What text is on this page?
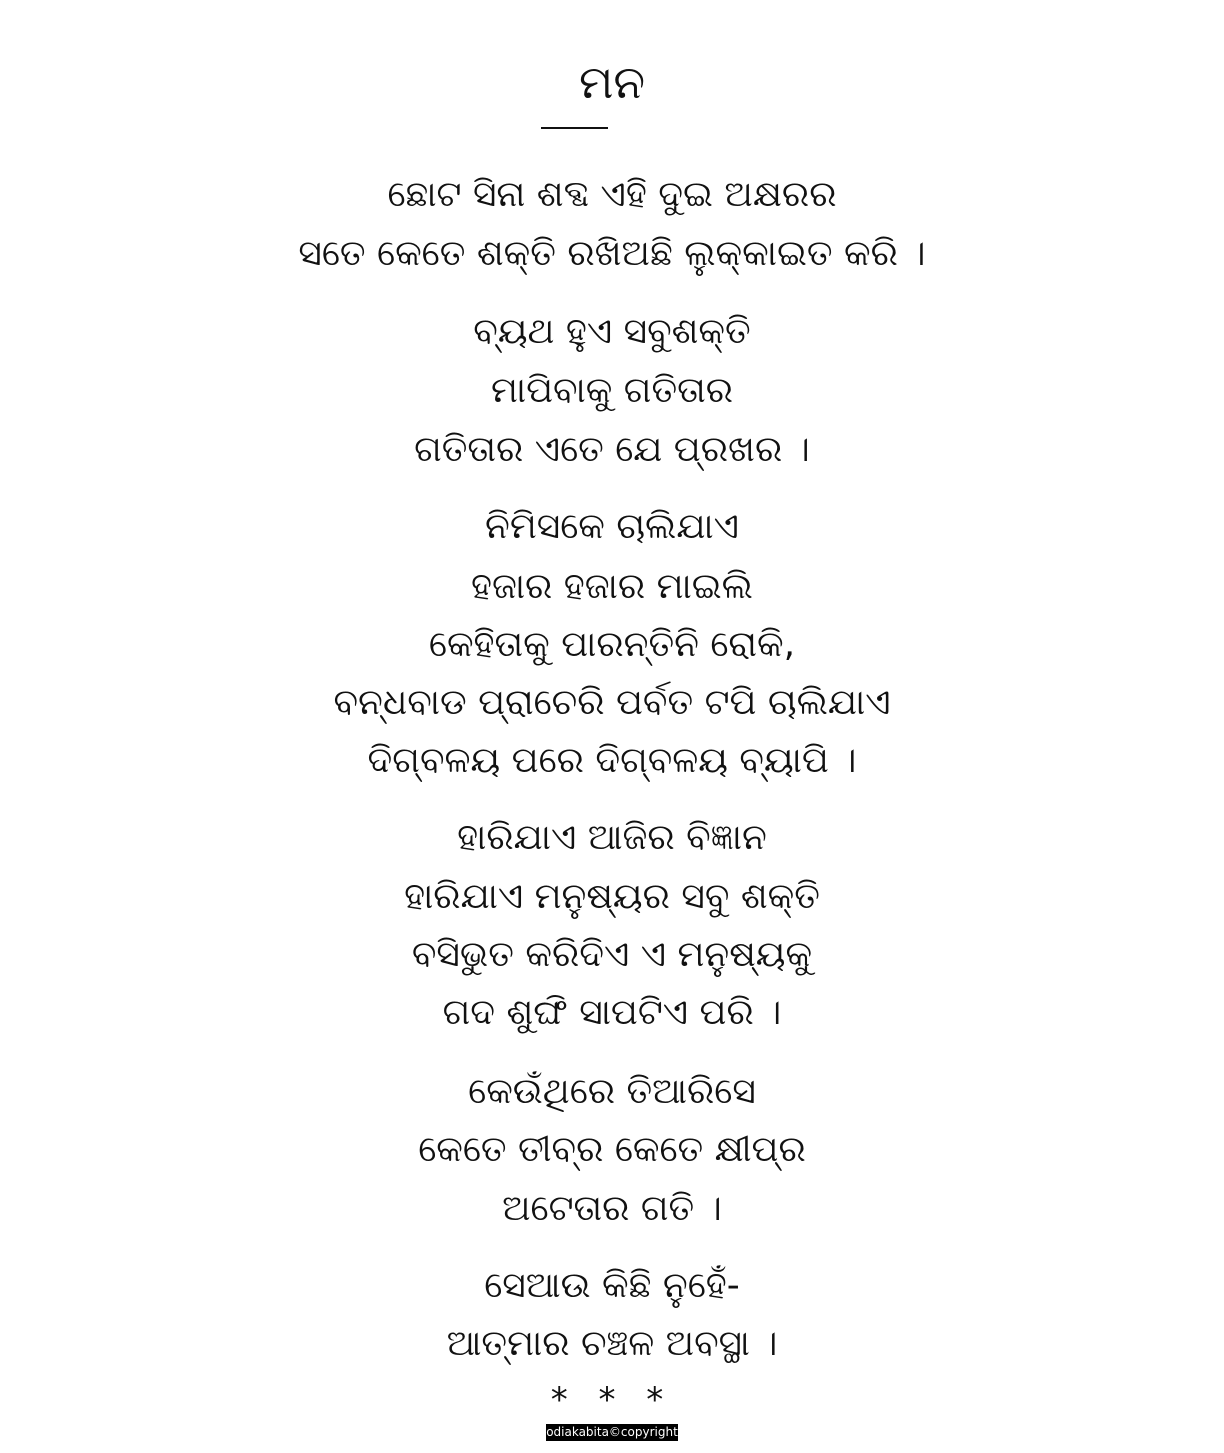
ମନ
ଛୋଟ ସିନା ଶବ୍ଦ ଏହି ଦୁଇ ଅକ୍ଷରର
ସତେ କେତେ ଶକ୍ତି ରଖିଅଛି ଲୁକ୍‌କାଇତ କରି ।
ବ୍ୟଥ ହୁଏ ସବୁଶକ୍ତି
ମାପିବାକୁ ଗତିତାର
ଗତିତାର ଏତେ ଯେ ପ୍ରଖର ।
ନିମିସକେ ଚାଲିଯାଏ
ହଜାର ହଜାର ମାଇଲି
କେହିତାକୁ ପାରନ୍ତିନି ରୋକି,
ବନ୍ଧବାଡ ପ୍ରାଚେରି ପର୍ବତ ଟପି ଚାଲିଯାଏ
ଦିଗ୍‌ବଳୟ ପରେ ଦିଗ୍‌ବଳୟ ବ୍ୟାପି ।
ହାରିଯାଏ ଆଜିର ବିଜ୍ଞାନ
ହାରିଯାଏ ମନୁଷ୍ୟର ସବୁ ଶକ୍ତି
ବସିଭୁତ କରିଦିଏ ଏ ମନୁଷ୍ୟକୁ
ଗଦ ଶୁଙ୍ଘି ସାପଟିଏ ପରି ।
କେଉଁଥିରେ ତିଆରିସେ
କେତେ ତୀବ୍ର କେତେ କ୍ଷୀପ୍ର
ଅଟେତାର ଗତି ।
ସେଆଉ କିଛି ନୁହେଁ-
ଆତ୍ମାର ଚଞ୍ଚଳ ଅବସ୍ଥା ।
* * *
odiakabita©copyright
